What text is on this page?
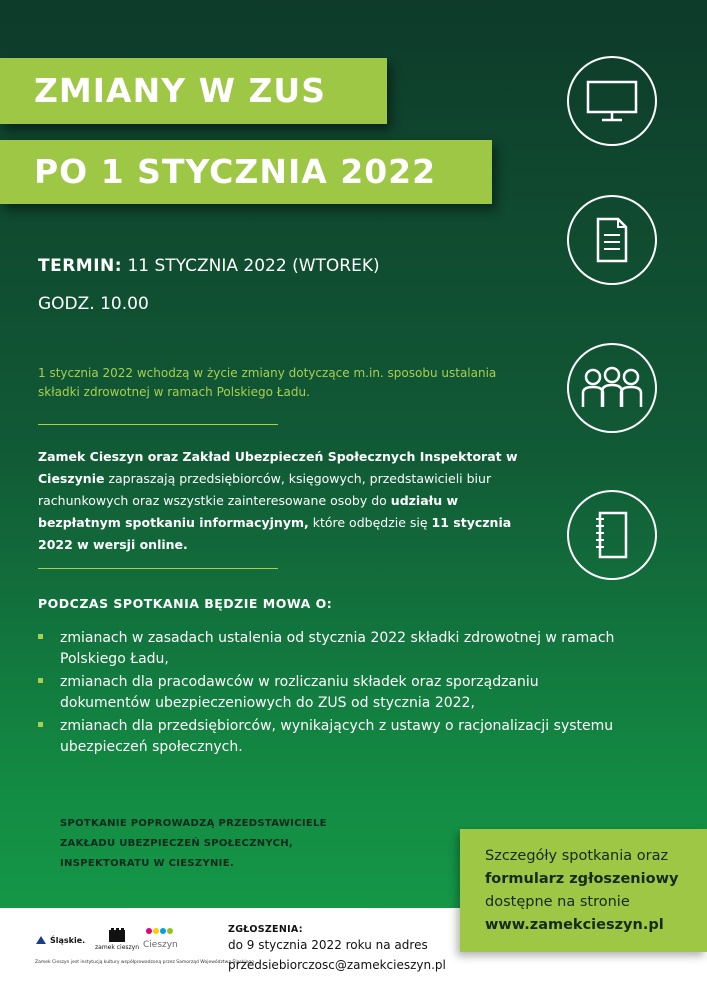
ZMIANY W ZUS
PO 1 STYCZNIA 2022
TERMIN: 11 STYCZNIA 2022 (WTOREK)
GODZ. 10.00
1 stycznia 2022 wchodzą w życie zmiany dotyczące m.in. sposobu ustalania składki zdrowotnej w ramach Polskiego Ładu.
Zamek Cieszyn oraz Zakład Ubezpieczeń Społecznych Inspektorat w Cieszynie zapraszają przedsiębiorców, księgowych, przedstawicieli biur rachunkowych oraz wszystkie zainteresowane osoby do udziału w bezpłatnym spotkaniu informacyjnym, które odbędzie się 11 stycznia 2022 w wersji online.
PODCZAS SPOTKANIA BĘDZIE MOWA O:
zmianach w zasadach ustalenia od stycznia 2022 składki zdrowotnej w ramach Polskiego Ładu,
zmianach dla pracodawców w rozliczaniu składek oraz sporządzaniu dokumentów ubezpieczeniowych do ZUS od stycznia 2022,
zmianach dla przedsiębiorców, wynikających z ustawy o racjonalizacji systemu ubezpieczeń społecznych.
SPOTKANIE POPROWADZĄ PRZEDSTAWICIELE
ZAKŁADU UBEZPIECZEŃ SPOŁECZNYCH,
INSPEKTORATU W CIESZYNIE.
Śląskie.
zamek cieszyn Cieszyn
Zamek Cieszyn jest instytucją kultury współprowadzoną przez Samorząd Województwa Śląskiego
ZGŁOSZENIA:
do 9 stycznia 2022 roku na adres
przedsiebiorczosc@zamekcieszyn.pl
Szczegóły spotkania oraz
formularz zgłoszeniowy
dostępne na stronie
www.zamekcieszyn.pl
